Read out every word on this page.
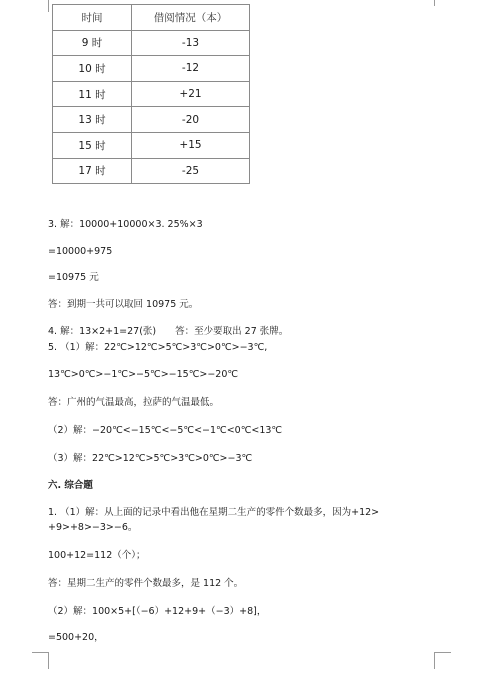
时间	借阅情况（本）
9 时	-13
10 时	-12
11 时	+21
13 时	-20
15 时	+15
17 时	-25
3. 解：10000+10000×3. 25%×3
=10000+975
=10975 元
答：到期一共可以取回 10975 元。
4. 解：13×2+1=27(张)　　答：至少要取出 27 张牌。
5. （1）解：22℃>12℃>5℃>3℃>0℃>−3℃,
13℃>0℃>−1℃>−5℃>−15℃>−20℃
答：广州的气温最高，拉萨的气温最低。
（2）解：−20℃<−15℃<−5℃<−1℃<0℃<13℃
（3）解：22℃>12℃>5℃>3℃>0℃>−3℃
六. 综合题
1. （1）解：从上面的记录中看出他在星期二生产的零件个数最多，因为+12>
+9>+8>−3>−6。
100+12=112（个）；
答：星期二生产的零件个数最多，是 112 个。
（2）解：100×5+[（−6）+12+9+（−3）+8]，
=500+20，
